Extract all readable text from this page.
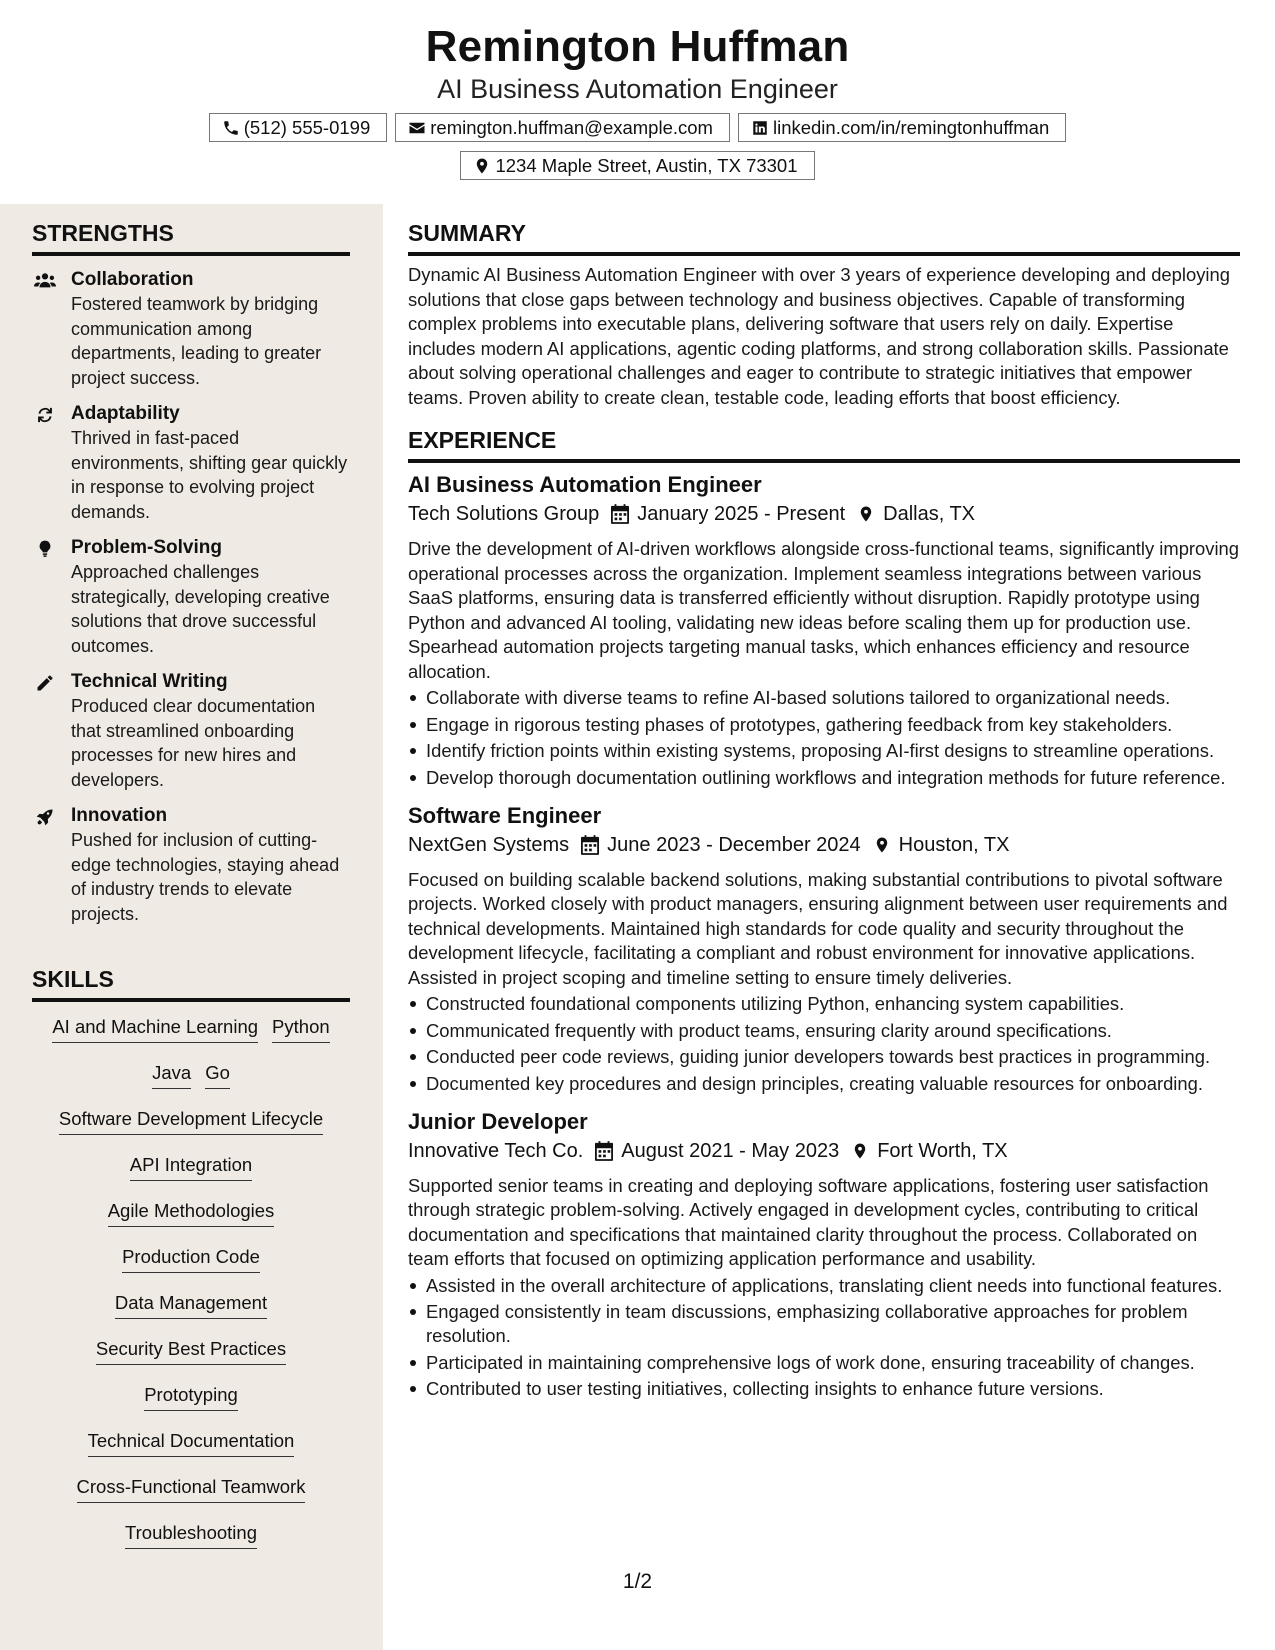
Remington Huffman
AI Business Automation Engineer
(512) 555-0199	remington.huffman@example.com	linkedin.com/in/remingtonhuffman
1234 Maple Street, Austin, TX 73301
STRENGTHS
Collaboration
Fostered teamwork by bridging communication among departments, leading to greater project success.
Adaptability
Thrived in fast-paced environments, shifting gear quickly in response to evolving project demands.
Problem-Solving
Approached challenges strategically, developing creative solutions that drove successful outcomes.
Technical Writing
Produced clear documentation that streamlined onboarding processes for new hires and developers.
Innovation
Pushed for inclusion of cutting-edge technologies, staying ahead of industry trends to elevate projects.
SKILLS
AI and Machine Learning Python
Java Go
Software Development Lifecycle
API Integration
Agile Methodologies
Production Code
Data Management
Security Best Practices
Prototyping
Technical Documentation
Cross-Functional Teamwork
Troubleshooting
SUMMARY

Dynamic AI Business Automation Engineer with over 3 years of experience developing and deploying solutions that close gaps between technology and business objectives. Capable of transforming complex problems into executable plans, delivering software that users rely on daily. Expertise includes modern AI applications, agentic coding platforms, and strong collaboration skills. Passionate about solving operational challenges and eager to contribute to strategic initiatives that empower teams. Proven ability to create clean, testable code, leading efforts that boost efficiency.

EXPERIENCE
AI Business Automation Engineer
Tech Solutions Group January 2025 - Present Dallas, TX
Drive the development of AI-driven workflows alongside cross-functional teams, significantly improving operational processes across the organization. Implement seamless integrations between various SaaS platforms, ensuring data is transferred efficiently without disruption. Rapidly prototype using Python and advanced AI tooling, validating new ideas before scaling them up for production use. Spearhead automation projects targeting manual tasks, which enhances efficiency and resource allocation.
Collaborate with diverse teams to refine AI-based solutions tailored to organizational needs.
Engage in rigorous testing phases of prototypes, gathering feedback from key stakeholders.
Identify friction points within existing systems, proposing AI-first designs to streamline operations.
Develop thorough documentation outlining workflows and integration methods for future reference.
Software Engineer
NextGen Systems June 2023 - December 2024 Houston, TX
Focused on building scalable backend solutions, making substantial contributions to pivotal software projects. Worked closely with product managers, ensuring alignment between user requirements and technical developments. Maintained high standards for code quality and security throughout the development lifecycle, facilitating a compliant and robust environment for innovative applications. Assisted in project scoping and timeline setting to ensure timely deliveries.
Constructed foundational components utilizing Python, enhancing system capabilities.
Communicated frequently with product teams, ensuring clarity around specifications.
Conducted peer code reviews, guiding junior developers towards best practices in programming.
Documented key procedures and design principles, creating valuable resources for onboarding.
Junior Developer
Innovative Tech Co. August 2021 - May 2023 Fort Worth, TX
Supported senior teams in creating and deploying software applications, fostering user satisfaction through strategic problem-solving. Actively engaged in development cycles, contributing to critical documentation and specifications that maintained clarity throughout the process. Collaborated on team efforts that focused on optimizing application performance and usability.
Assisted in the overall architecture of applications, translating client needs into functional features.
Engaged consistently in team discussions, emphasizing collaborative approaches for problem resolution.
Participated in maintaining comprehensive logs of work done, ensuring traceability of changes.
Contributed to user testing initiatives, collecting insights to enhance future versions.
1/2
